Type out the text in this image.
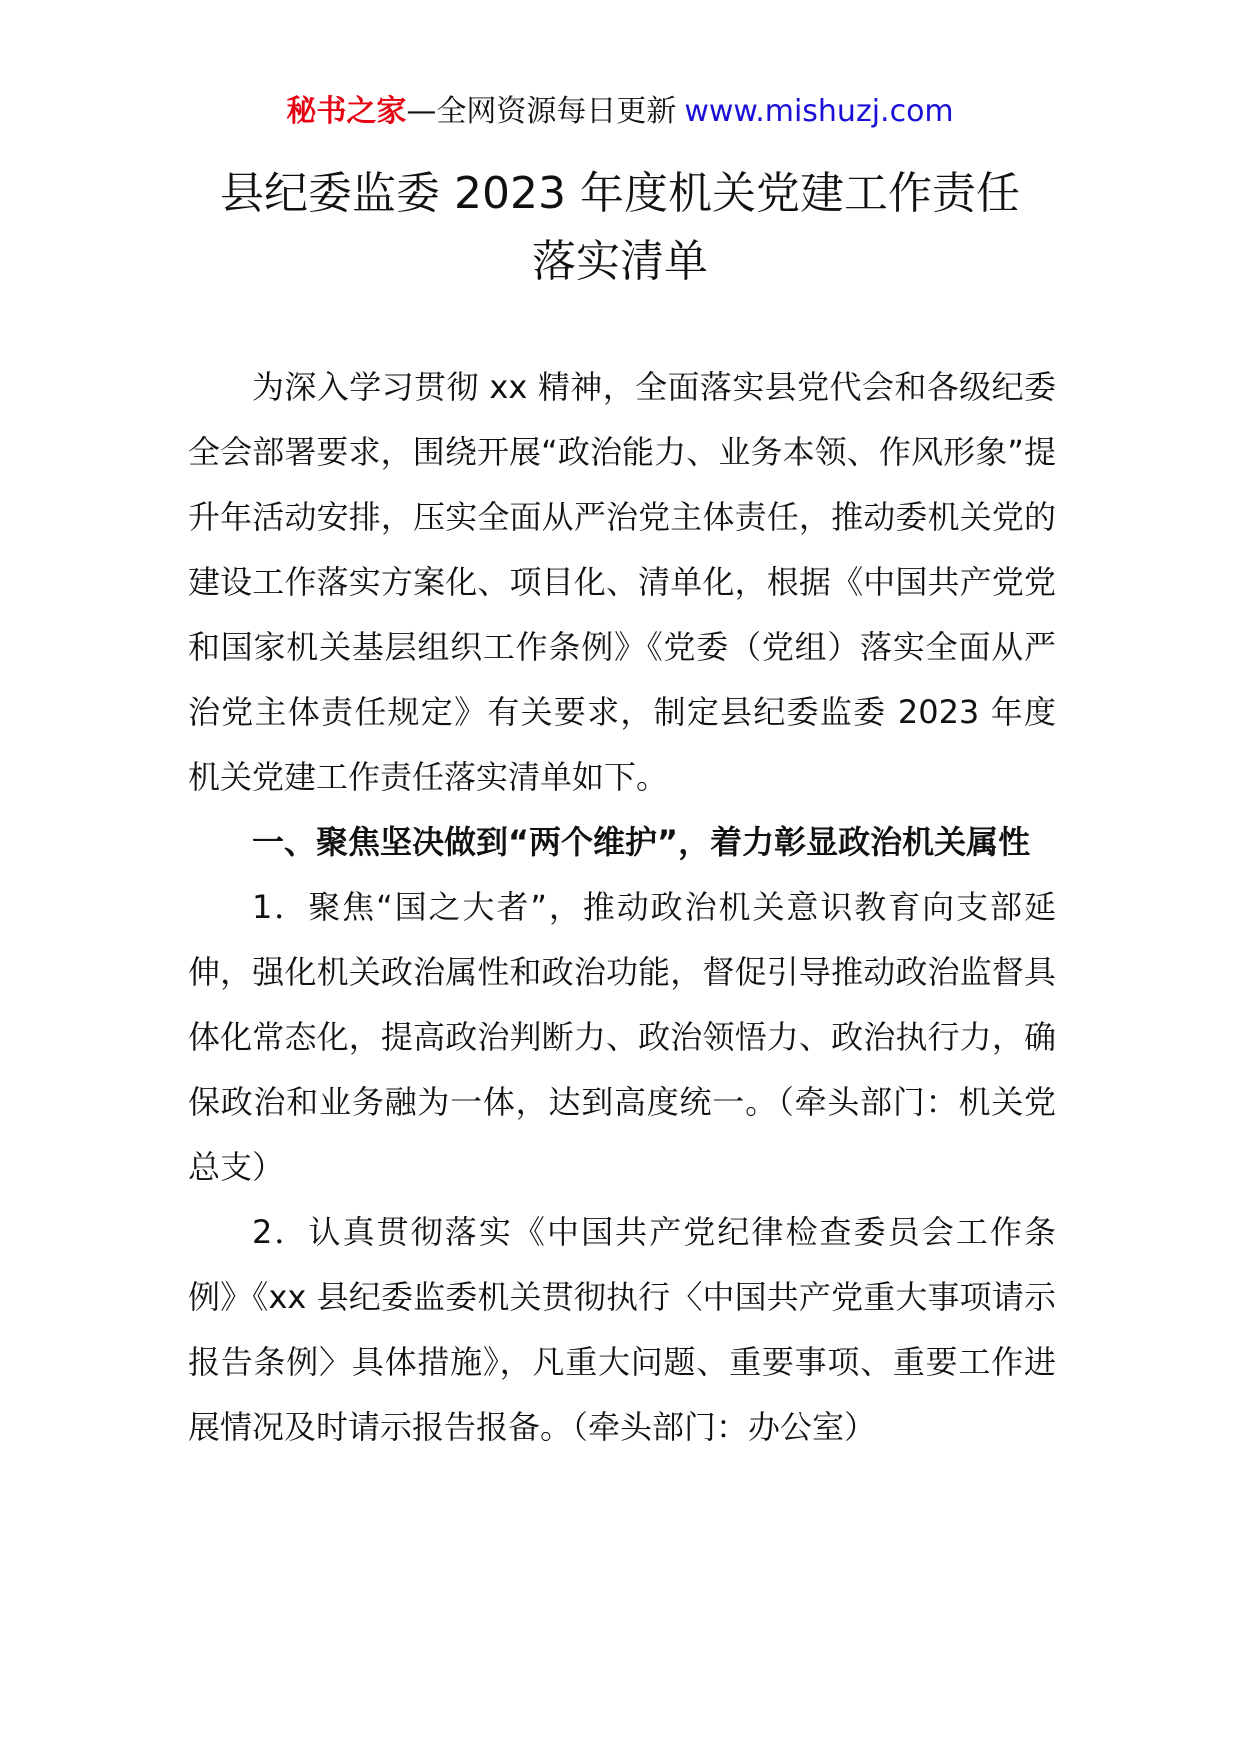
秘书之家—全网资源每日更新 www.mishuzj.com
县纪委监委 2023 年度机关党建工作责任
落实清单

为深入学习贯彻 xx 精神，全面落实县党代会和各级纪委全会部署要求，围绕开展“政治能力、业务本领、作风形象”提升年活动安排，压实全面从严治党主体责任，推动委机关党的建设工作落实方案化、项目化、清单化，根据《中国共产党党和国家机关基层组织工作条例》《党委（党组）落实全面从严治党主体责任规定》有关要求，制定县纪委监委 2023 年度机关党建工作责任落实清单如下。

一、聚焦坚决做到“两个维护”，着力彰显政治机关属性

1．聚焦“国之大者”，推动政治机关意识教育向支部延伸，强化机关政治属性和政治功能，督促引导推动政治监督具体化常态化，提高政治判断力、政治领悟力、政治执行力，确保政治和业务融为一体，达到高度统一。（牵头部门：机关党总支）

2．认真贯彻落实《中国共产党纪律检查委员会工作条例》《xx 县纪委监委机关贯彻执行〈中国共产党重大事项请示报告条例〉具体措施》，凡重大问题、重要事项、重要工作进展情况及时请示报告报备。（牵头部门：办公室）
